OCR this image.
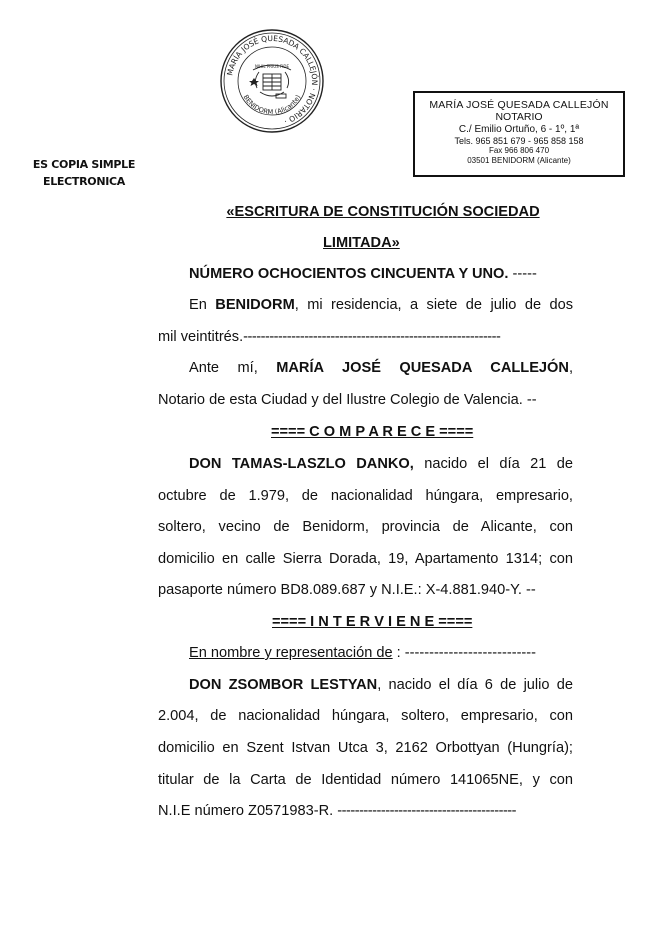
MARÍA JOSÉ QUESADA CALLEJÓN · NOTARIO ·
NIHIL PRIUS FIDE
BENIDORM (Alicante)
MARÍA JOSÉ QUESADA CALLEJÓN
NOTARIO
C./ Emilio Ortuño, 6 - 1º, 1ª
Tels. 965 851 679 - 965 858 158
Fax 966 806 470
03501 BENIDORM (Alicante)
ES COPIA SIMPLE
ELECTRONICA
«ESCRITURA DE CONSTITUCIÓN SOCIEDAD
LIMITADA»
NÚMERO OCHOCIENTOS CINCUENTA Y UNO. -----
En BENIDORM, mi residencia, a siete de julio de dos
mil veintitrés.-----------------------------------------------------------
Ante mí, MARÍA JOSÉ QUESADA CALLEJÓN,
Notario de esta Ciudad y del Ilustre Colegio de Valencia. --
==== C O M P A R E C E ====
DON TAMAS-LASZLO DANKO, nacido el día 21 de
octubre de 1.979, de nacionalidad húngara, empresario,
soltero, vecino de Benidorm, provincia de Alicante, con
domicilio en calle Sierra Dorada, 19, Apartamento 1314; con
pasaporte número BD8.089.687 y N.I.E.: X-4.881.940-Y. --
==== I N T E R V I E N E ====
En nombre y representación de : ---------------------------
DON ZSOMBOR LESTYAN, nacido el día 6 de julio de
2.004, de nacionalidad húngara, soltero, empresario, con
domicilio en Szent Istvan Utca 3, 2162 Orbottyan (Hungría);
titular de la Carta de Identidad número 141065NE, y con
N.I.E número Z0571983-R. -----------------------------------------
